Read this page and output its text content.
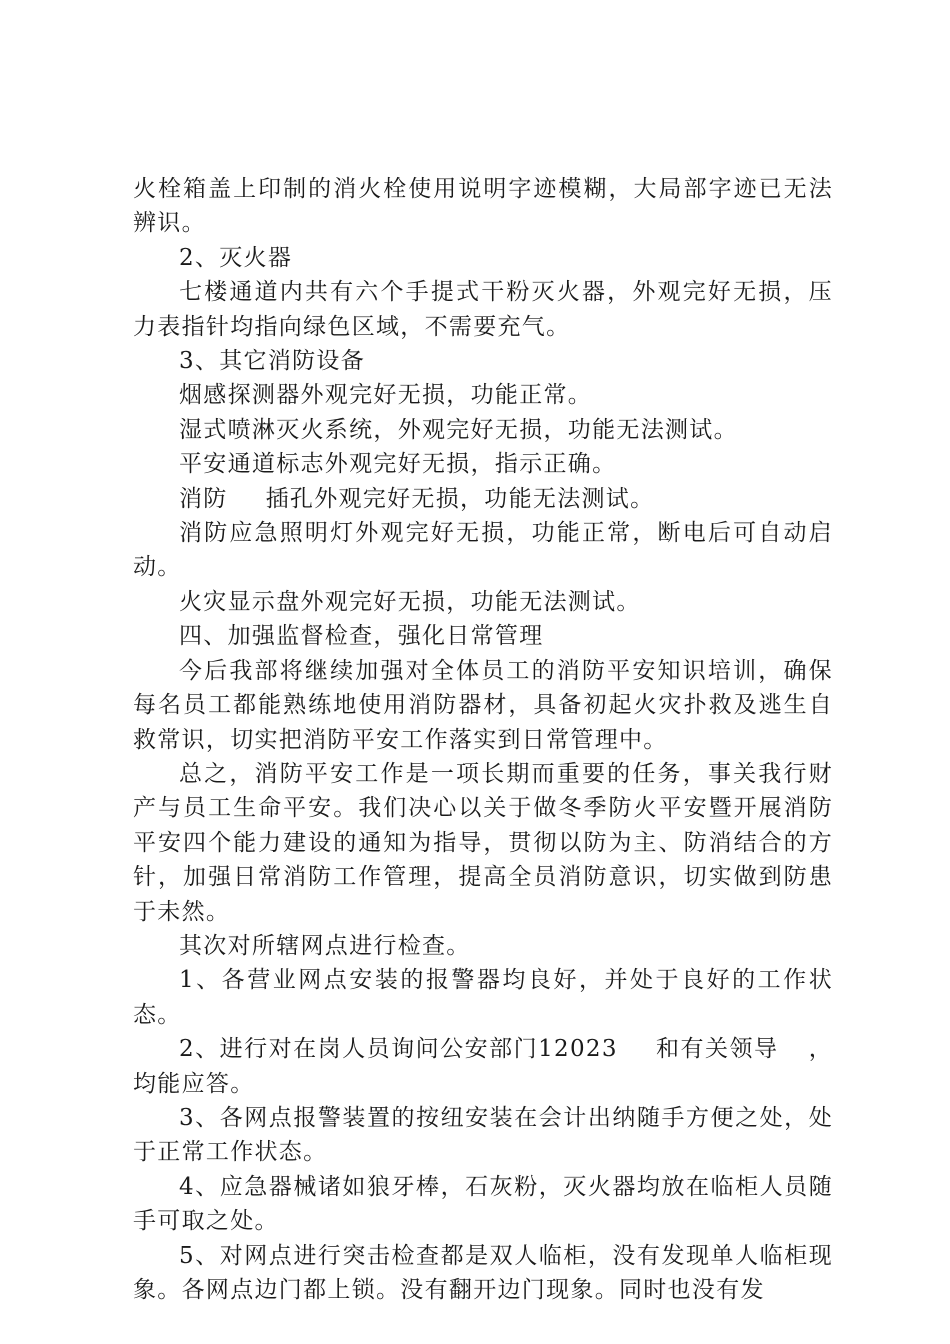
火栓箱盖上印制的消火栓使用说明字迹模糊，大局部字迹已无法辨识。

2、灭火器

七楼通道内共有六个手提式干粉灭火器，外观完好无损，压力表指针均指向绿色区域，不需要充气。

3、其它消防设备

烟感探测器外观完好无损，功能正常。

湿式喷淋灭火系统，外观完好无损，功能无法测试。

平安通道标志外观完好无损，指示正确。

消防 插孔外观完好无损，功能无法测试。

消防应急照明灯外观完好无损，功能正常，断电后可自动启动。

火灾显示盘外观完好无损，功能无法测试。

四、加强监督检查，强化日常管理

今后我部将继续加强对全体员工的消防平安知识培训，确保每名员工都能熟练地使用消防器材，具备初起火灾扑救及逃生自救常识，切实把消防平安工作落实到日常管理中。

总之，消防平安工作是一项长期而重要的任务，事关我行财产与员工生命平安。我们决心以关于做冬季防火平安暨开展消防平安四个能力建设的通知为指导，贯彻以防为主、防消结合的方针，加强日常消防工作管理，提高全员消防意识，切实做到防患于未然。

其次对所辖网点进行检查。

1、各营业网点安装的报警器均良好，并处于良好的工作状态。

2、进行对在岗人员询问公安部门12023 和有关领导 ，均能应答。

3、各网点报警装置的按纽安装在会计出纳随手方便之处，处于正常工作状态。

4、应急器械诸如狼牙棒，石灰粉，灭火器均放在临柜人员随手可取之处。

5、对网点进行突击检查都是双人临柜，没有发现单人临柜现象。各网点边门都上锁。没有翻开边门现象。同时也没有发
